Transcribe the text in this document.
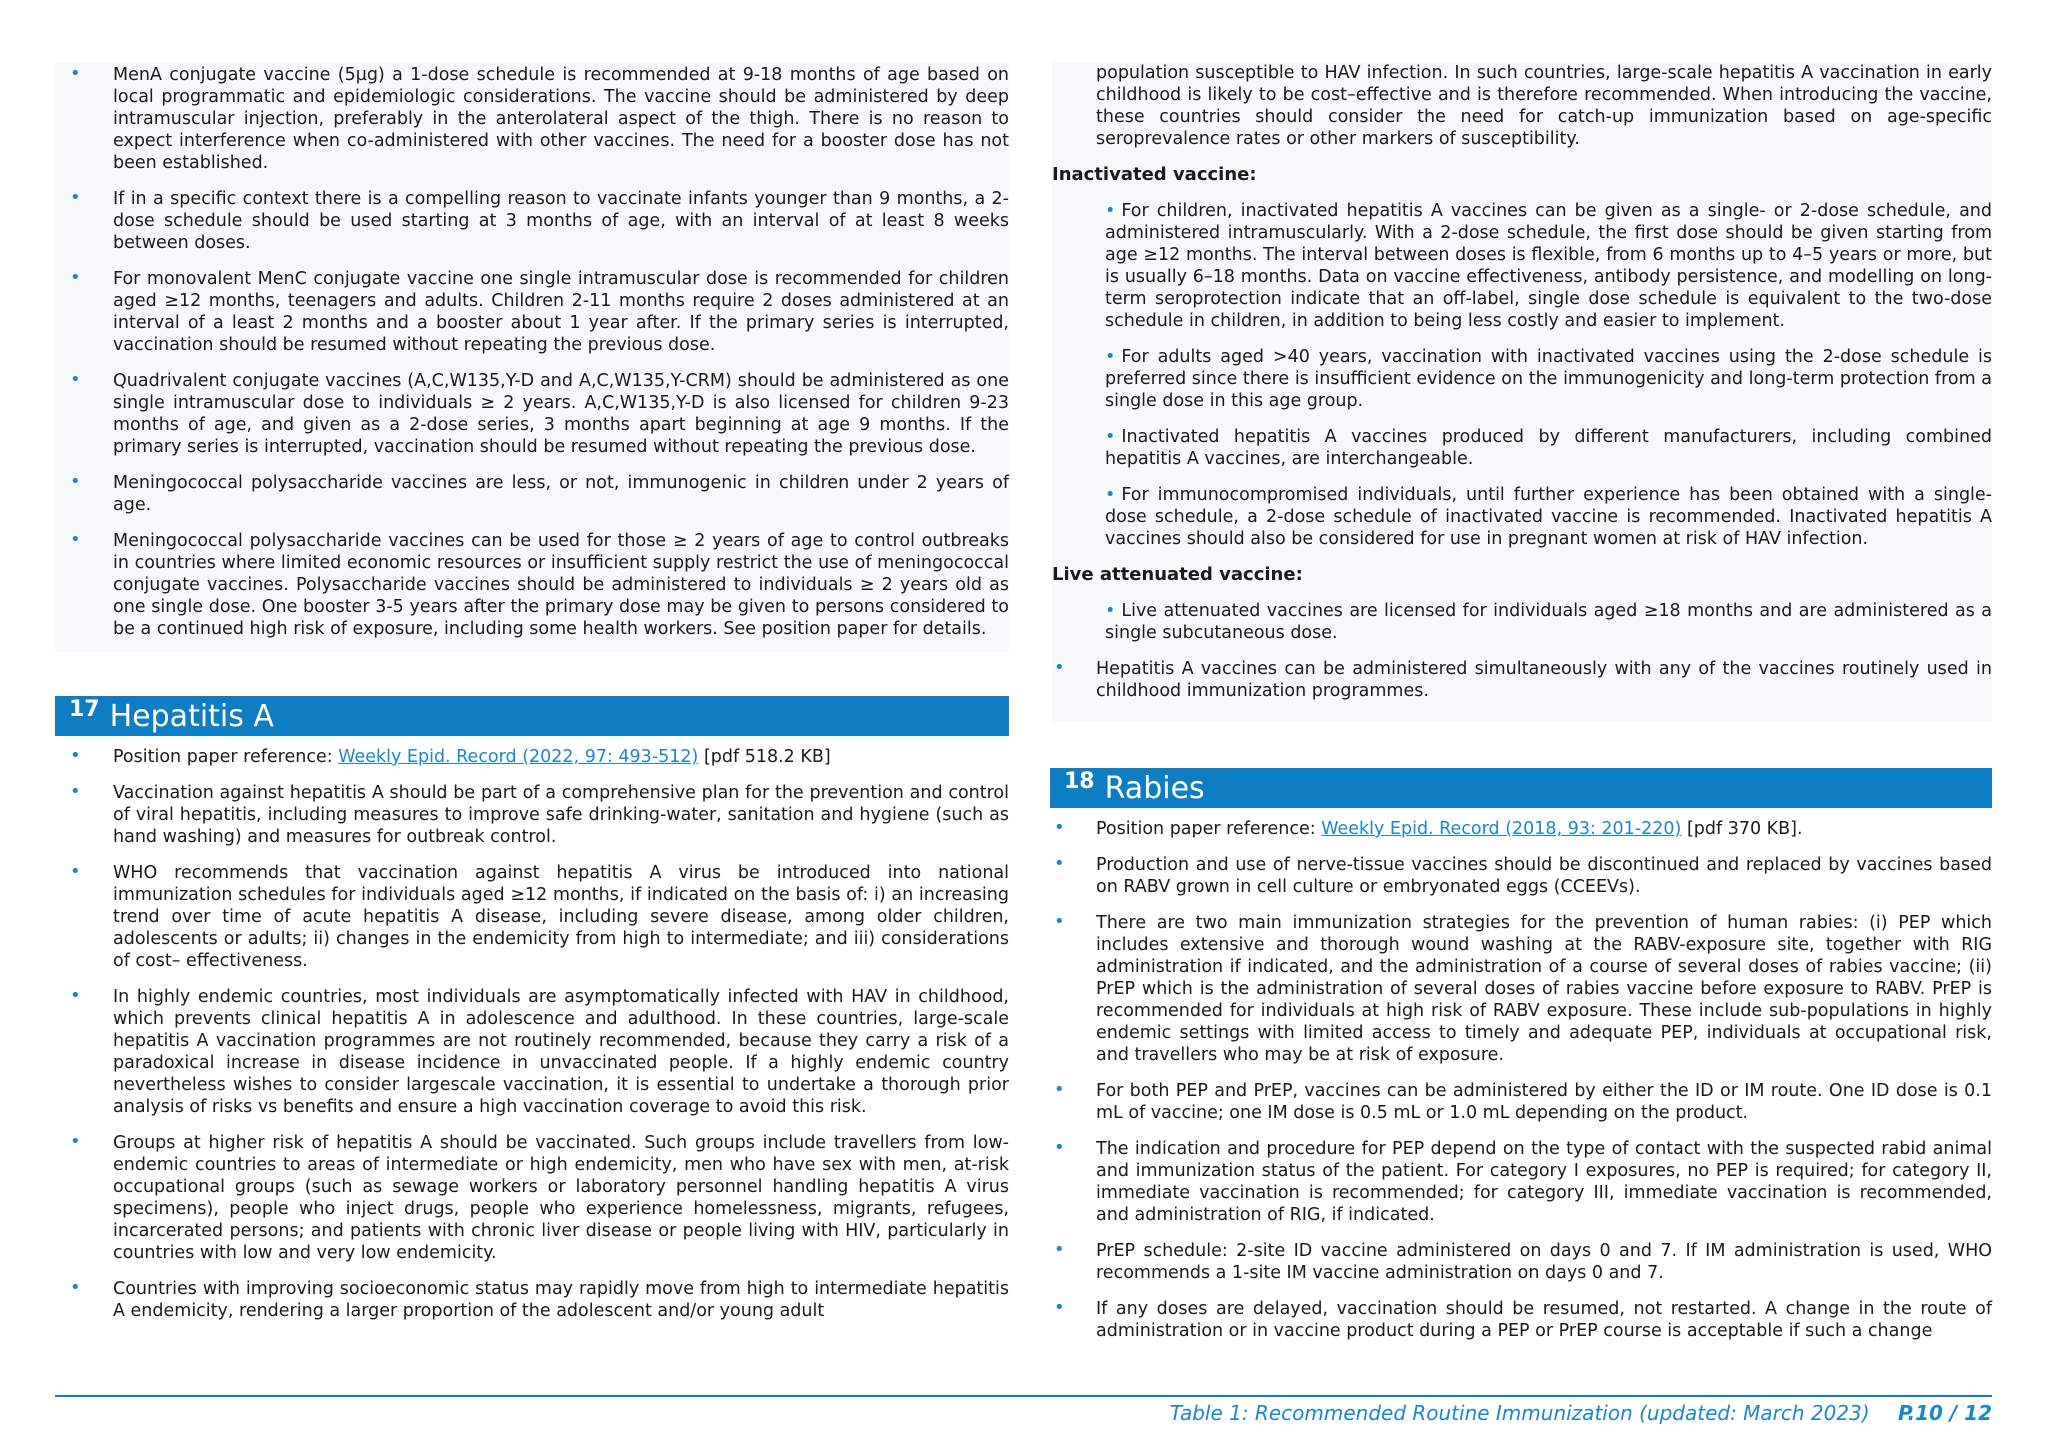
• MenA conjugate vaccine (5µg) a 1-dose schedule is recommended at 9-18 months of age based on local programmatic and epidemiologic considerations. The vaccine should be administered by deep intramuscular injection, preferably in the anterolateral aspect of the thigh. There is no reason to expect interference when co-administered with other vaccines. The need for a booster dose has not been established.
• If in a specific context there is a compelling reason to vaccinate infants younger than 9 months, a 2-dose schedule should be used starting at 3 months of age, with an interval of at least 8 weeks between doses.
• For monovalent MenC conjugate vaccine one single intramuscular dose is recommended for children aged ≥12 months, teenagers and adults. Children 2-11 months require 2 doses administered at an interval of a least 2 months and a booster about 1 year after. If the primary series is interrupted, vaccination should be resumed without repeating the previous dose.
• Quadrivalent conjugate vaccines (A,C,W135,Y-D and A,C,W135,Y-CRM) should be administered as one single intramuscular dose to individuals ≥ 2 years. A,C,W135,Y-D is also licensed for children 9-23 months of age, and given as a 2-dose series, 3 months apart beginning at age 9 months. If the primary series is interrupted, vaccination should be resumed without repeating the previous dose.
• Meningococcal polysaccharide vaccines are less, or not, immunogenic in children under 2 years of age.
• Meningococcal polysaccharide vaccines can be used for those ≥ 2 years of age to control outbreaks in countries where limited economic resources or insufficient supply restrict the use of meningococcal conjugate vaccines. Polysaccharide vaccines should be administered to individuals ≥ 2 years old as one single dose. One booster 3-5 years after the primary dose may be given to persons considered to be a continued high risk of exposure, including some health workers. See position paper for details.
17 Hepatitis A
• Position paper reference: Weekly Epid. Record (2022, 97: 493-512) [pdf 518.2 KB]
• Vaccination against hepatitis A should be part of a comprehensive plan for the prevention and control of viral hepatitis, including measures to improve safe drinking-water, sanitation and hygiene (such as hand washing) and measures for outbreak control.
• WHO recommends that vaccination against hepatitis A virus be introduced into national immunization schedules for individuals aged ≥12 months, if indicated on the basis of: i) an increasing trend over time of acute hepatitis A disease, including severe disease, among older children, adolescents or adults; ii) changes in the endemicity from high to intermediate; and iii) considerations of cost– effectiveness.
• In highly endemic countries, most individuals are asymptomatically infected with HAV in childhood, which prevents clinical hepatitis A in adolescence and adulthood. In these countries, large-scale hepatitis A vaccination programmes are not routinely recommended, because they carry a risk of a paradoxical increase in disease incidence in unvaccinated people. If a highly endemic country nevertheless wishes to consider largescale vaccination, it is essential to undertake a thorough prior analysis of risks vs benefits and ensure a high vaccination coverage to avoid this risk.
• Groups at higher risk of hepatitis A should be vaccinated. Such groups include travellers from low-endemic countries to areas of intermediate or high endemicity, men who have sex with men, at-risk occupational groups (such as sewage workers or laboratory personnel handling hepatitis A virus specimens), people who inject drugs, people who experience homelessness, migrants, refugees, incarcerated persons; and patients with chronic liver disease or people living with HIV, particularly in countries with low and very low endemicity.
• Countries with improving socioeconomic status may rapidly move from high to intermediate hepatitis A endemicity, rendering a larger proportion of the adolescent and/or young adult
population susceptible to HAV infection. In such countries, large-scale hepatitis A vaccination in early childhood is likely to be cost–effective and is therefore recommended. When introducing the vaccine, these countries should consider the need for catch-up immunization based on age-specific seroprevalence rates or other markers of susceptibility.
Inactivated vaccine:
• For children, inactivated hepatitis A vaccines can be given as a single- or 2-dose schedule, and administered intramuscularly. With a 2-dose schedule, the first dose should be given starting from age ≥12 months. The interval between doses is flexible, from 6 months up to 4–5 years or more, but is usually 6–18 months. Data on vaccine effectiveness, antibody persistence, and modelling on long-term seroprotection indicate that an off-label, single dose schedule is equivalent to the two-dose schedule in children, in addition to being less costly and easier to implement.
• For adults aged >40 years, vaccination with inactivated vaccines using the 2-dose schedule is preferred since there is insufficient evidence on the immunogenicity and long-term protection from a single dose in this age group.
• Inactivated hepatitis A vaccines produced by different manufacturers, including combined hepatitis A vaccines, are interchangeable.
• For immunocompromised individuals, until further experience has been obtained with a single-dose schedule, a 2-dose schedule of inactivated vaccine is recommended. Inactivated hepatitis A vaccines should also be considered for use in pregnant women at risk of HAV infection.
Live attenuated vaccine:
• Live attenuated vaccines are licensed for individuals aged ≥18 months and are administered as a single subcutaneous dose.
• Hepatitis A vaccines can be administered simultaneously with any of the vaccines routinely used in childhood immunization programmes.
18 Rabies
• Position paper reference: Weekly Epid. Record (2018, 93: 201-220) [pdf 370 KB].
• Production and use of nerve-tissue vaccines should be discontinued and replaced by vaccines based on RABV grown in cell culture or embryonated eggs (CCEEVs).
• There are two main immunization strategies for the prevention of human rabies: (i) PEP which includes extensive and thorough wound washing at the RABV-exposure site, together with RIG administration if indicated, and the administration of a course of several doses of rabies vaccine; (ii) PrEP which is the administration of several doses of rabies vaccine before exposure to RABV. PrEP is recommended for individuals at high risk of RABV exposure. These include sub-populations in highly endemic settings with limited access to timely and adequate PEP, individuals at occupational risk, and travellers who may be at risk of exposure.
• For both PEP and PrEP, vaccines can be administered by either the ID or IM route. One ID dose is 0.1 mL of vaccine; one IM dose is 0.5 mL or 1.0 mL depending on the product.
• The indication and procedure for PEP depend on the type of contact with the suspected rabid animal and immunization status of the patient. For category I exposures, no PEP is required; for category II, immediate vaccination is recommended; for category III, immediate vaccination is recommended, and administration of RIG, if indicated.
• PrEP schedule: 2-site ID vaccine administered on days 0 and 7. If IM administration is used, WHO recommends a 1-site IM vaccine administration on days 0 and 7.
• If any doses are delayed, vaccination should be resumed, not restarted. A change in the route of administration or in vaccine product during a PEP or PrEP course is acceptable if such a change
Table 1: Recommended Routine Immunization (updated: March 2023) P.10 / 12
